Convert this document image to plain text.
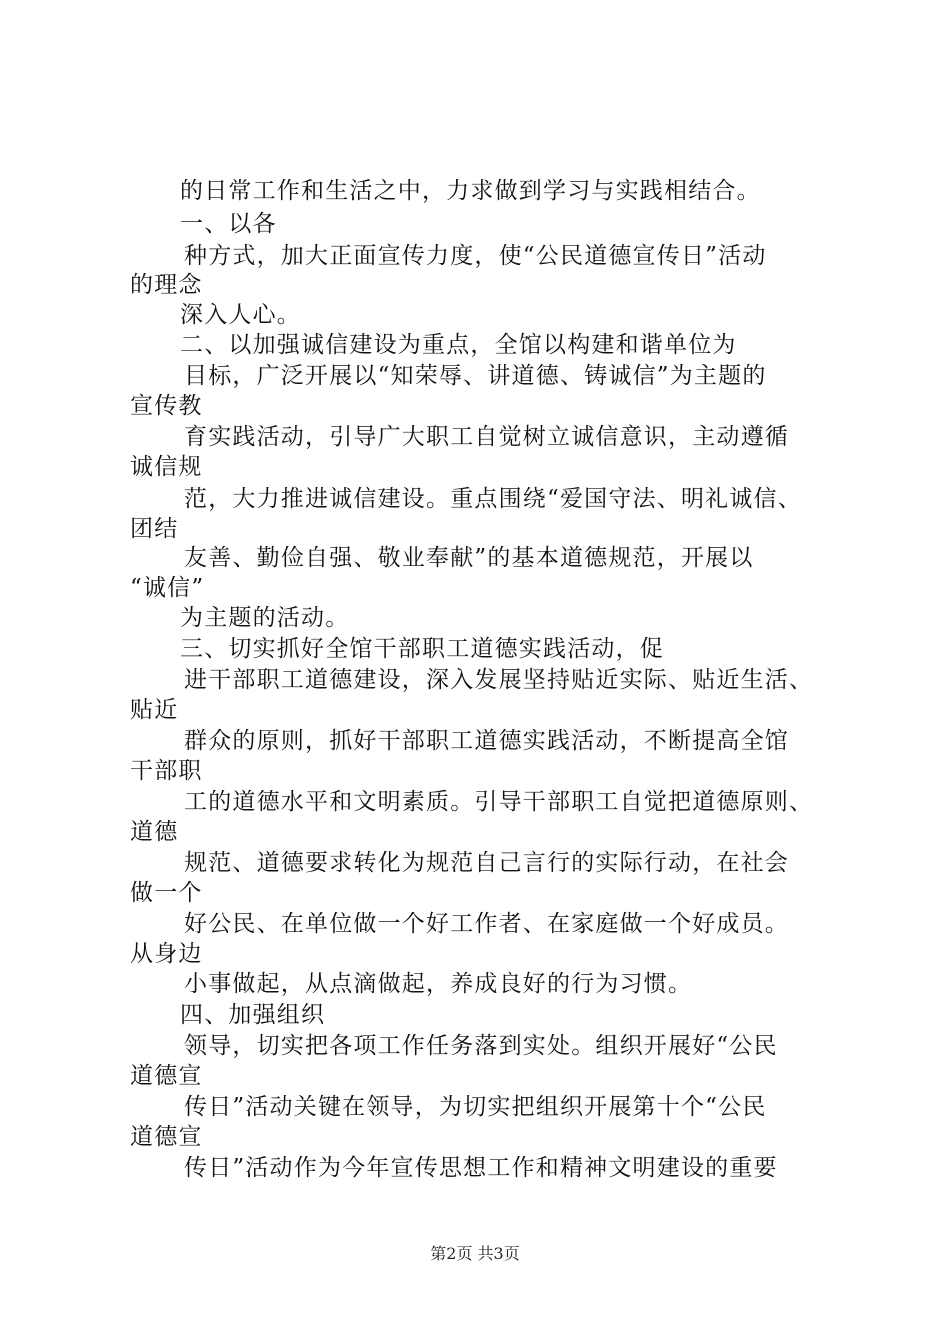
的日常工作和生活之中，力求做到学习与实践相结合。
一、以各
种方式，加大正面宣传力度，使“公民道德宣传日”活动
的理念
深入人心。
二、以加强诚信建设为重点，全馆以构建和谐单位为
目标，广泛开展以“知荣辱、讲道德、铸诚信”为主题的
宣传教
育实践活动，引导广大职工自觉树立诚信意识，主动遵循
诚信规
范，大力推进诚信建设。重点围绕“爱国守法、明礼诚信、
团结
友善、勤俭自强、敬业奉献”的基本道德规范，开展以
“诚信”
为主题的活动。
三、切实抓好全馆干部职工道德实践活动，促
进干部职工道德建设，深入发展坚持贴近实际、贴近生活、
贴近
群众的原则，抓好干部职工道德实践活动，不断提高全馆
干部职
工的道德水平和文明素质。引导干部职工自觉把道德原则、
道德
规范、道德要求转化为规范自己言行的实际行动，在社会
做一个
好公民、在单位做一个好工作者、在家庭做一个好成员。
从身边
小事做起，从点滴做起，养成良好的行为习惯。
四、加强组织
领导，切实把各项工作任务落到实处。组织开展好“公民
道德宣
传日”活动关键在领导，为切实把组织开展第十个“公民
道德宣
传日”活动作为今年宣传思想工作和精神文明建设的重要
第2页 共3页
